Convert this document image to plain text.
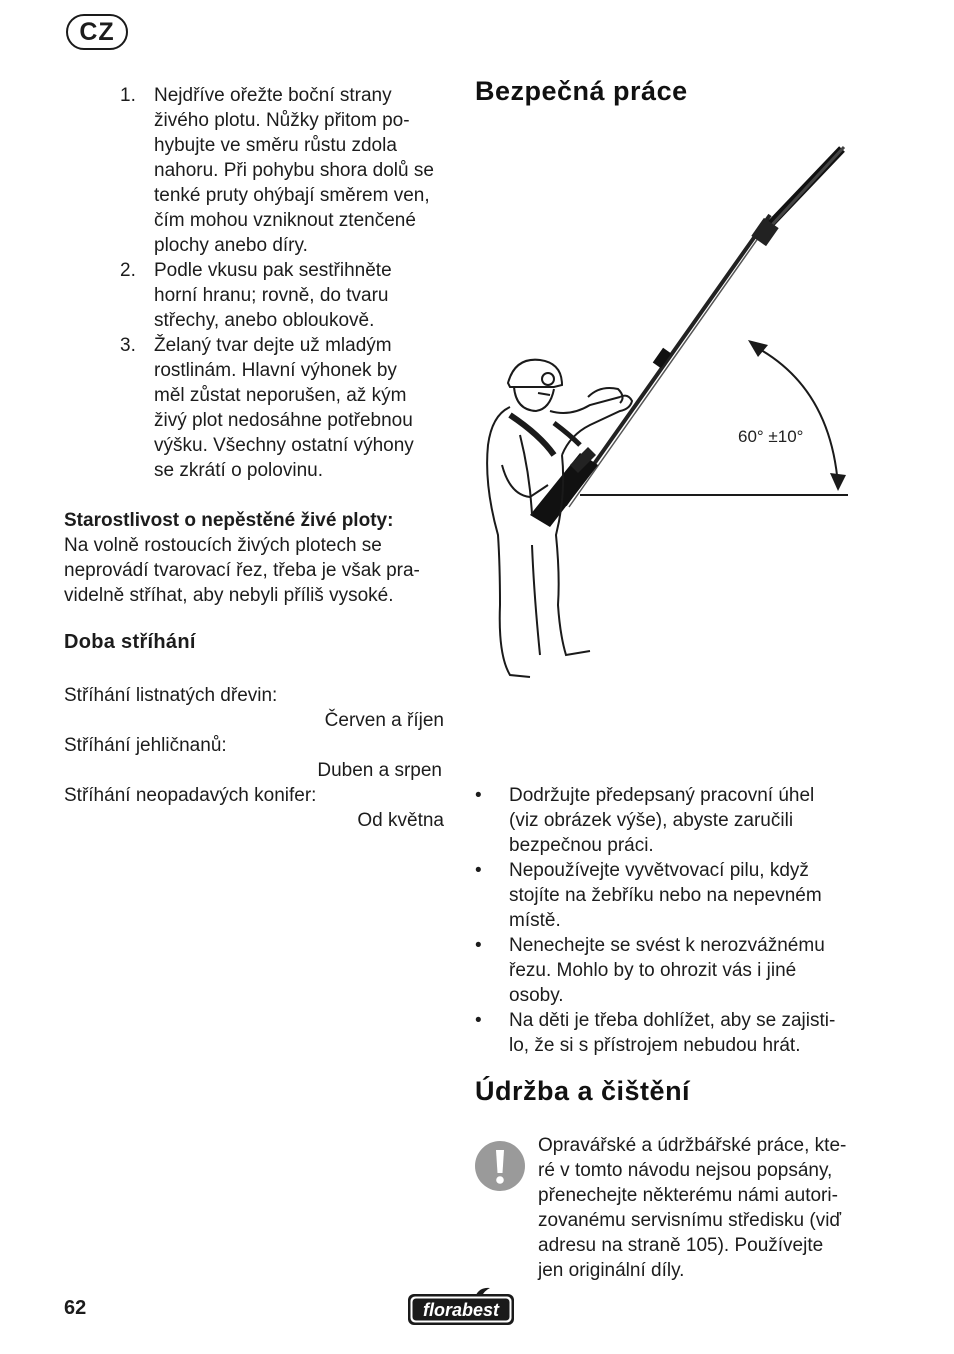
CZ
1. Nejdříve ořežte boční strany
živého plotu. Nůžky přitom po-
hybujte ve směru růstu zdola
nahoru. Při pohybu shora dolů se
tenké pruty ohýbají směrem ven,
čím mohou vzniknout ztenčené
plochy anebo díry.
2. Podle vkusu pak sestřihněte
horní hranu; rovně, do tvaru
střechy, anebo obloukově.
3. Želaný tvar dejte už mladým
rostlinám. Hlavní výhonek by
měl zůstat neporušen, až kým
živý plot nedosáhne potřebnou
výšku. Všechny ostatní výhony
se zkrátí o polovinu.
Starostlivost o nepěstěné živé ploty:
Na volně rostoucích živých plotech se
neprovádí tvarovací řez, třeba je však pra-
videlně stříhat, aby nebyli příliš vysoké.
Doba stříhání
Stříhání listnatých dřevin:
Červen a říjen
Stříhání jehličnanů:
Duben a srpen
Stříhání neopadavých konifer:
Od května
Bezpečná práce
60° ±10°
• Dodržujte předepsaný pracovní úhel
(viz obrázek výše), abyste zaručili
bezpečnou práci.
• Nepoužívejte vyvětvovací pilu, když
stojíte na žebříku nebo na nepevném
místě.
• Nenechejte se svést k nerozvážnému
řezu. Mohlo by to ohrozit vás i jiné
osoby.
• Na děti je třeba dohlížet, aby se zajisti-
lo, že si s přístrojem nebudou hrát.
Údržba a čištění
Opravářské a údržbářské práce, kte-
ré v tomto návodu nejsou popsány,
přenechejte některému námi autori-
zovanému servisnímu středisku (viď
adresu na straně 105). Používejte
jen originální díly.
62	florabest
